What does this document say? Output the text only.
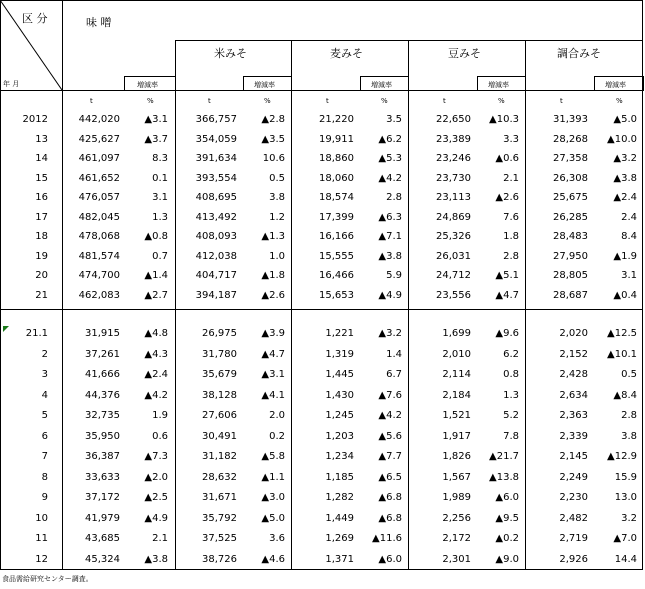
区 分
年 月
味 噌
米みそ	麦みそ	豆みそ	調合みそ
増減率	増減率	増減率	増減率	増減率
t	%	t	%	t	%	t	%	t	%
2012	442,020 ▲3.1	366,757 ▲2.8	21,220	3.5	22,650 ▲10.3	31,393	▲5.0
13	425,627 ▲3.7	354,059 ▲3.5	19,911 ▲6.2	23,389	3.3	28,268 ▲10.0
14	461,097	8.3	391,634	10.6	18,860 ▲5.3	23,246 ▲0.6	27,358	▲3.2
15	461,652	0.1	393,554	0.5	18,060 ▲4.2	23,730	2.1	26,308	▲3.8
16	476,057	3.1	408,695	3.8	18,574	2.8	23,113 ▲2.6	25,675	▲2.4
17	482,045	1.3	413,492	1.2	17,399 ▲6.3	24,869	7.6	26,285	2.4
18	478,068 ▲0.8	408,093 ▲1.3	16,166 ▲7.1	25,326	1.8	28,483	8.4
19	481,574	0.7	412,038	1.0	15,555 ▲3.8	26,031	2.8	27,950	▲1.9
20	474,700 ▲1.4	404,717 ▲1.8	16,466	5.9	24,712 ▲5.1	28,805	3.1
21	462,083 ▲2.7	394,187 ▲2.6	15,653 ▲4.9	23,556 ▲4.7	28,687	▲0.4
21.1	31,915 ▲4.8	26,975 ▲3.9	1,221 ▲3.2	1,699 ▲9.6	2,020 ▲12.5
2	37,261 ▲4.3	31,780 ▲4.7	1,319	1.4	2,010	6.2	2,152 ▲10.1
3	41,666 ▲2.4	35,679 ▲3.1	1,445	6.7	2,114	0.8	2,428	0.5
4	44,376 ▲4.2	38,128 ▲4.1	1,430 ▲7.6	2,184	1.3	2,634	▲8.4
5	32,735	1.9	27,606	2.0	1,245 ▲4.2	1,521	5.2	2,363	2.8
6	35,950	0.6	30,491	0.2	1,203 ▲5.6	1,917	7.8	2,339	3.8
7	36,387 ▲7.3	31,182 ▲5.8	1,234 ▲7.7	1,826 ▲21.7	2,145 ▲12.9
8	33,633 ▲2.0	28,632 ▲1.1	1,185 ▲6.5	1,567 ▲13.8	2,249	15.9
9	37,172 ▲2.5	31,671 ▲3.0	1,282 ▲6.8	1,989 ▲6.0	2,230	13.0
10	41,979 ▲4.9	35,792 ▲5.0	1,449 ▲6.8	2,256 ▲9.5	2,482	3.2
11	43,685	2.1	37,525	3.6	1,269 ▲11.6	2,172 ▲0.2	2,719	▲7.0
12	45,324 ▲3.8	38,726 ▲4.6	1,371 ▲6.0	2,301 ▲9.0	2,926	14.4
食品需給研究センター調査。
